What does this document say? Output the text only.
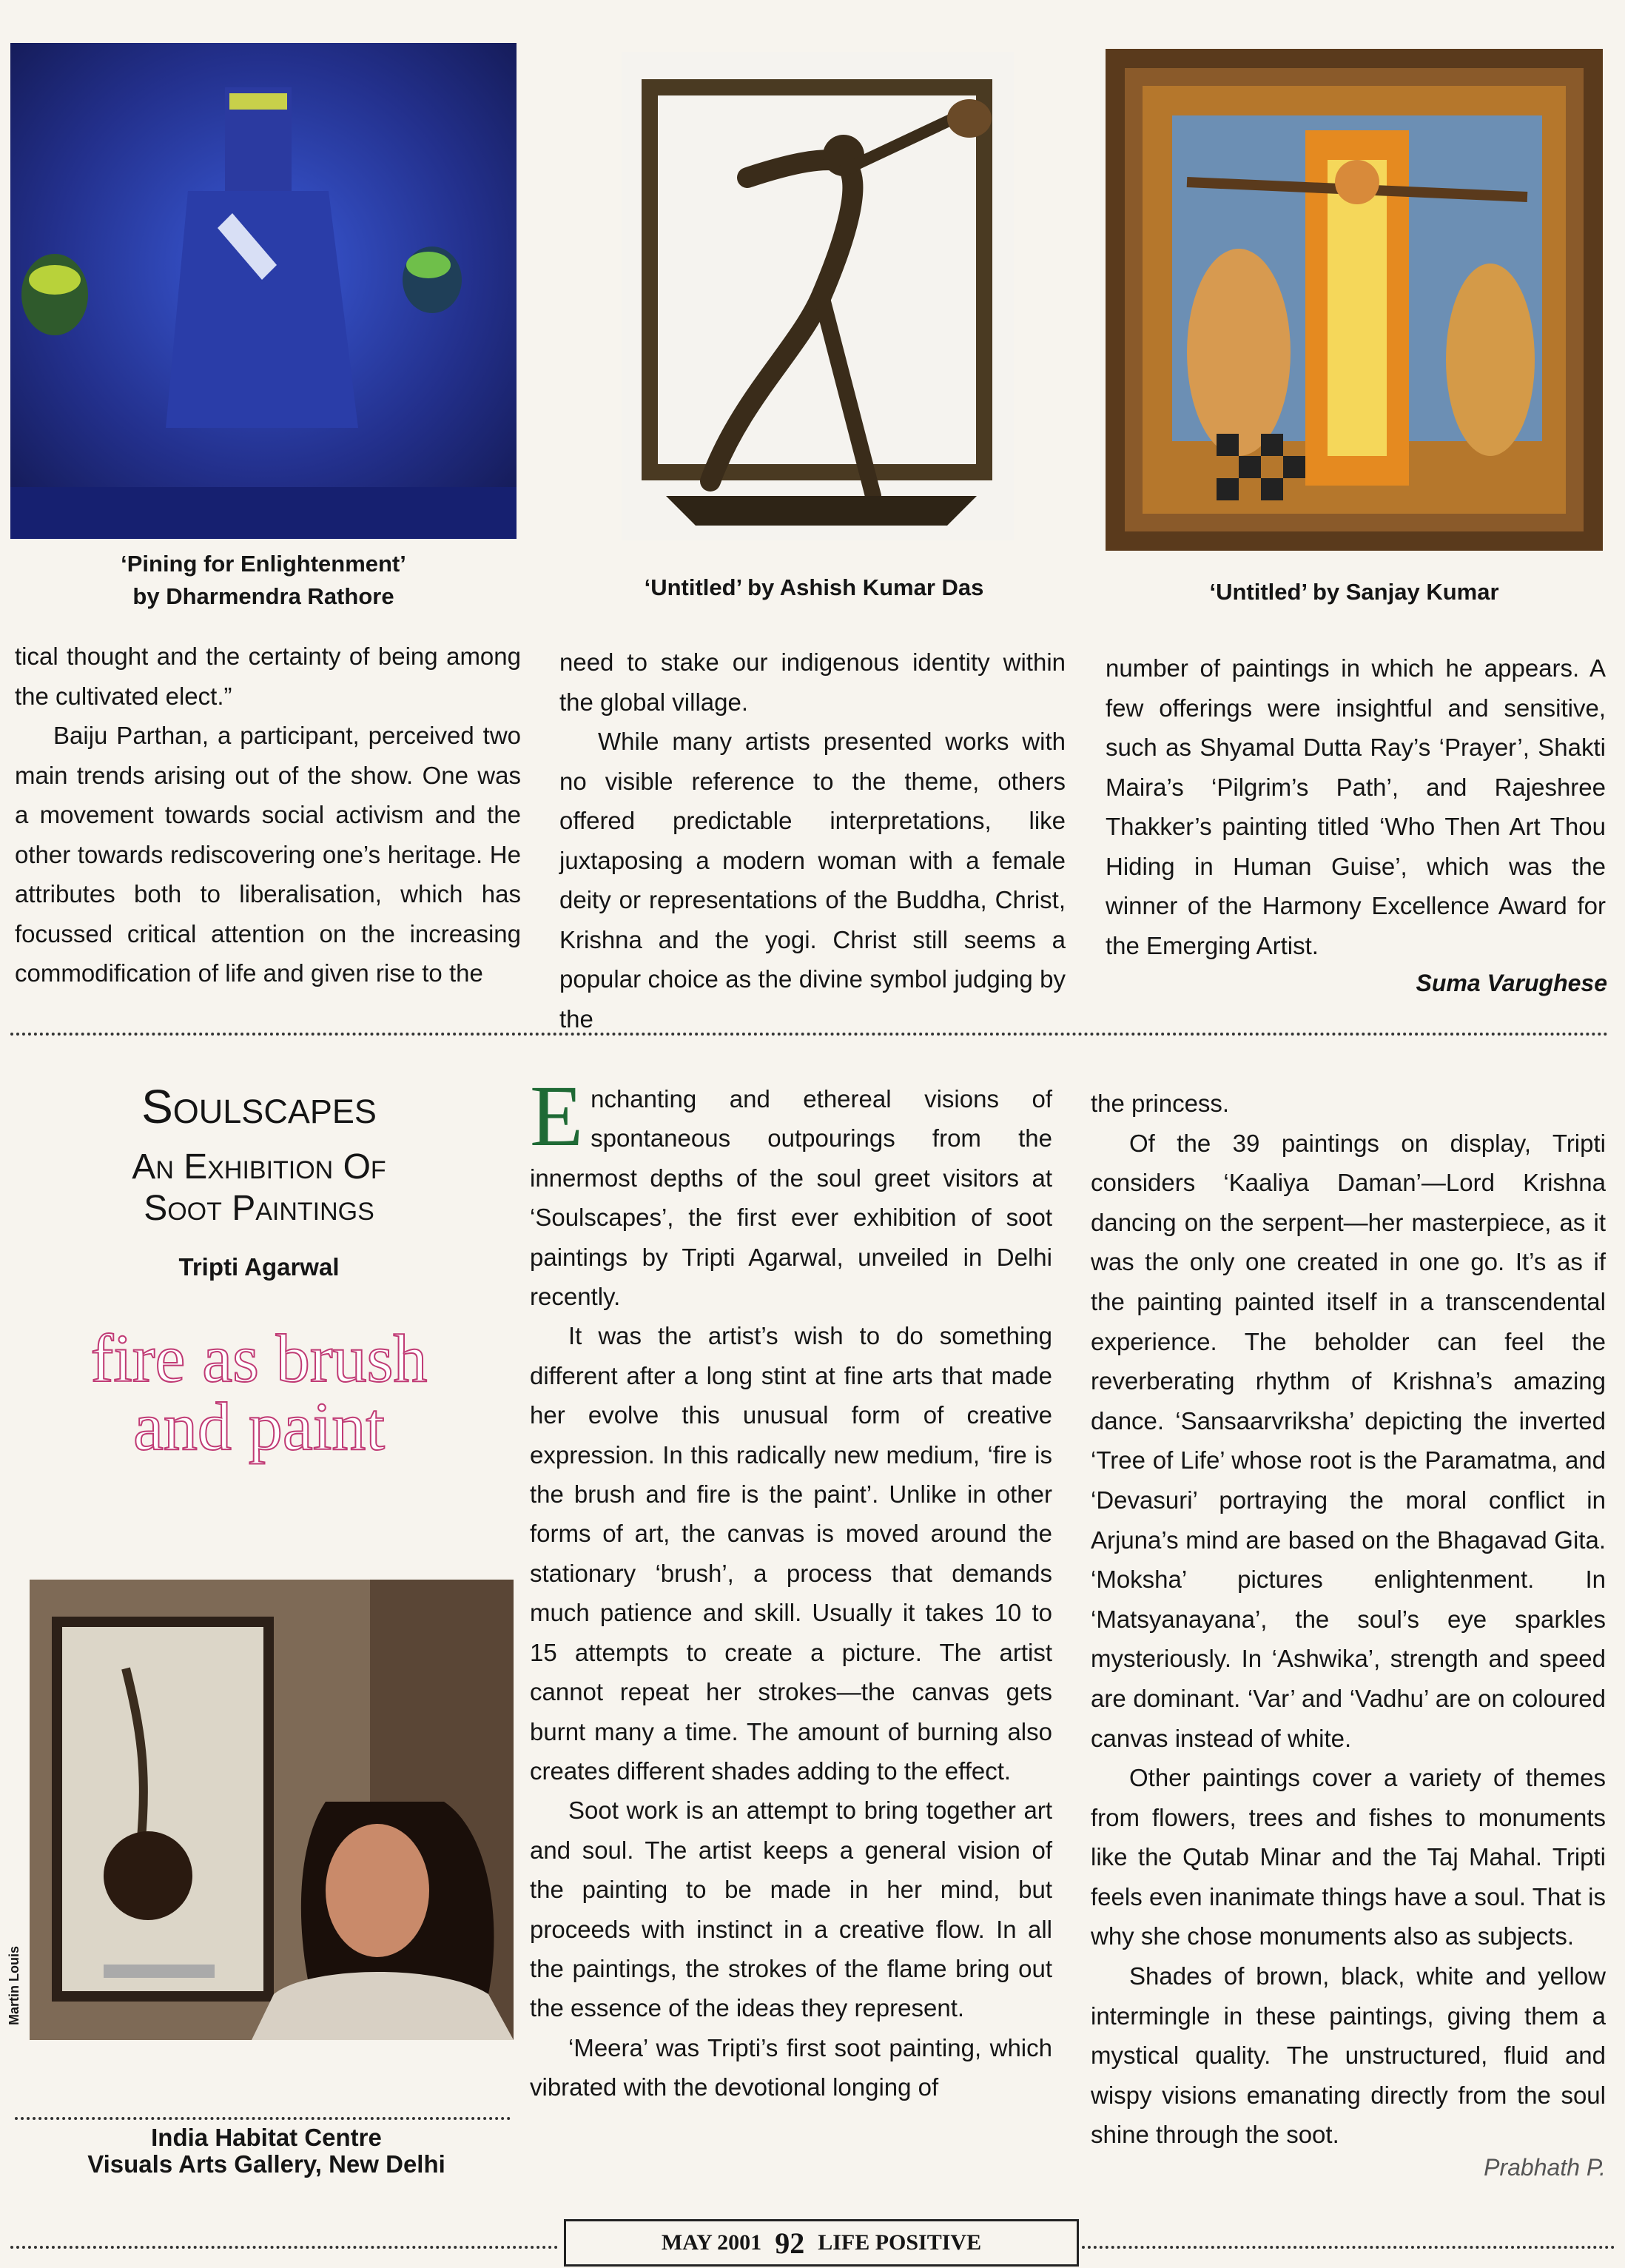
‘Pining for Enlightenment’
by Dharmendra Rathore	‘Untitled’ by Ashish Kumar Das	‘Untitled’ by Sanjay Kumar

tical thought and the certainty of being among the cultivated elect.”

Baiju Parthan, a participant, perceived two main trends arising out of the show. One was a movement towards social activism and the other towards rediscovering one’s heritage. He attributes both to liberalisation, which has focussed critical attention on the increasing commodification of life and given rise to the

need to stake our indigenous identity within the global village.

While many artists presented works with no visible reference to the theme, others offered predictable interpretations, like juxtaposing a modern woman with a female deity or representations of the Buddha, Christ, Krishna and the yogi. Christ still seems a popular choice as the divine symbol judging by the

number of paintings in which he appears. A few offerings were insightful and sensitive, such as Shyamal Dutta Ray’s ‘Prayer’, Shakti Maira’s ‘Pilgrim’s Path’, and Rajeshree Thakker’s painting titled ‘Who Then Art Thou Hiding in Human Guise’, which was the winner of the Harmony Excellence Award for the Emerging Artist.

Suma Varughese
Soulscapes
An Exhibition Of
Soot Paintings
Tripti Agarwal
fire as brush
and paint
Martin Louis
India Habitat Centre
Visuals Arts Gallery, New Delhi

Enchanting and ethereal visions of spontaneous outpourings from the innermost depths of the soul greet visitors at ‘Soulscapes’, the first ever exhibition of soot paintings by Tripti Agarwal, unveiled in Delhi recently.

It was the artist’s wish to do something different after a long stint at fine arts that made her evolve this unusual form of creative expression. In this radically new medium, ‘fire is the brush and fire is the paint’. Unlike in other forms of art, the canvas is moved around the stationary ‘brush’, a process that demands much patience and skill. Usually it takes 10 to 15 attempts to create a picture. The artist cannot repeat her strokes—the canvas gets burnt many a time. The amount of burning also creates different shades adding to the effect.

Soot work is an attempt to bring together art and soul. The artist keeps a general vision of the painting to be made in her mind, but proceeds with instinct in a creative flow. In all the paintings, the strokes of the flame bring out the essence of the ideas they represent.

‘Meera’ was Tripti’s first soot painting, which vibrated with the devotional longing of

the princess.

Of the 39 paintings on display, Tripti considers ‘Kaaliya Daman’—Lord Krishna dancing on the serpent—her masterpiece, as it was the only one created in one go. It’s as if the painting painted itself in a transcendental experience. The beholder can feel the reverberating rhythm of Krishna’s amazing dance. ‘Sansaarvriksha’ depicting the inverted ‘Tree of Life’ whose root is the Paramatma, and ‘Devasuri’ portraying the moral conflict in Arjuna’s mind are based on the Bhagavad Gita. ‘Moksha’ pictures enlightenment. In ‘Matsyanayana’, the soul’s eye sparkles mysteriously. In ‘Ashwika’, strength and speed are dominant. ‘Var’ and ‘Vadhu’ are on coloured canvas instead of white.

Other paintings cover a variety of themes from flowers, trees and fishes to monuments like the Qutab Minar and the Taj Mahal. Tripti feels even inanimate things have a soul. That is why she chose monuments also as subjects.

Shades of brown, black, white and yellow intermingle in these paintings, giving them a mystical quality. The unstructured, fluid and wispy visions emanating directly from the soul shine through the soot.

Prabhath P.
MAY 2001 92 LIFE POSITIVE
